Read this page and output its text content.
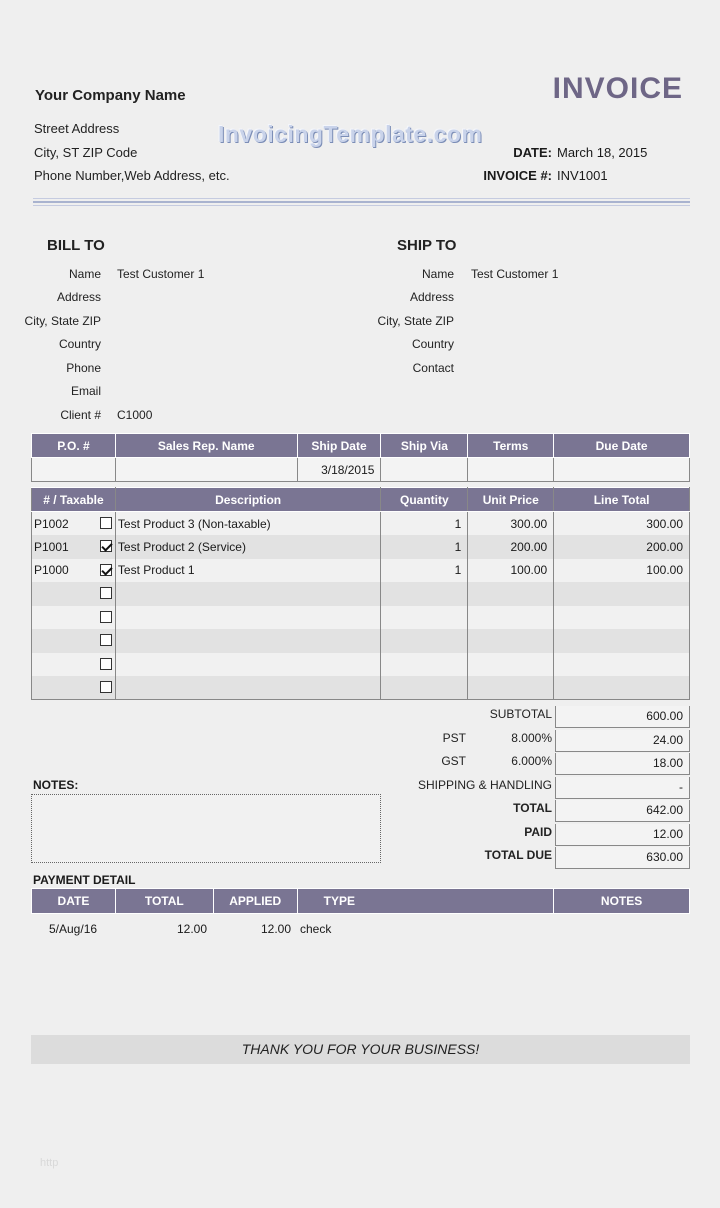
Your Company Name
Street Address
City, ST ZIP Code
Phone Number,Web Address, etc.
INVOICE
InvoicingTemplate.com
DATE: March 18, 2015
INVOICE #: INV1001
BILL TO	SHIP TO
Name Test Customer 1
Address
City, State ZIP
Country
Phone
Email
Client # C1000
Name Test Customer 1
Address
City, State ZIP
Country
Contact
P.O. #	Sales Rep. Name	Ship Date	Ship Via	Terms	Due Date
		3/18/2015			
# / Taxable	Description	Quantity	Unit Price	Line Total
P1002	Test Product 3 (Non-taxable)	1	300.00	300.00
P1001	Test Product 2 (Service)	1	200.00	200.00
P1000	Test Product 1	1	100.00	100.00

SUBTOTAL	600.00
PST	8.000%	24.00
GST	6.000%	18.00
SHIPPING & HANDLING	-
TOTAL	642.00
PAID	12.00
TOTAL DUE	630.00
NOTES:
PAYMENT DETAIL
DATE	TOTAL	APPLIED	TYPE	NOTES
5/Aug/16	12.00	12.00 check
THANK YOU FOR YOUR BUSINESS!
http
